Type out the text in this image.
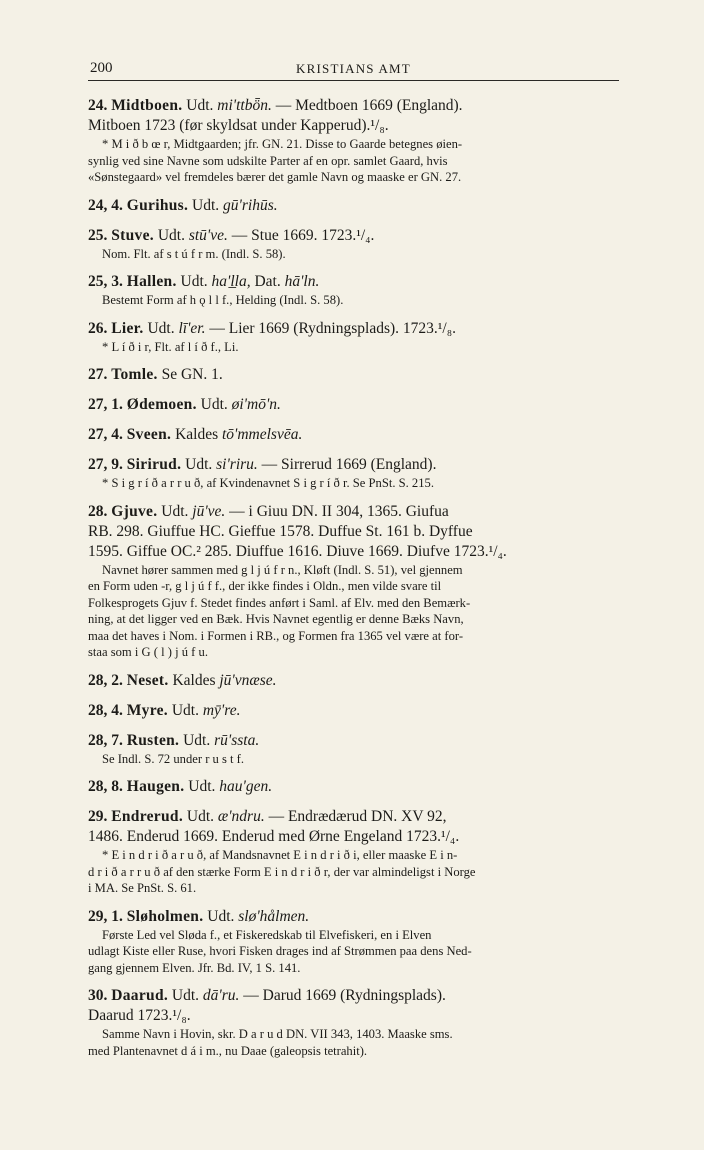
200	KRISTIANS AMT
24. Midtboen. Udt. mi'ttbȫn. — Medtboen 1669 (England).
Mitboen 1723 (før skyldsat under Kapperud).¹/₈.
* M i ð b œ r, Midtgaarden; jfr. GN. 21. Disse to Gaarde betegnes øien-
synlig ved sine Navne som udskilte Parter af en opr. samlet Gaard, hvis
«Sønstegaard» vel fremdeles bærer det gamle Navn og maaske er GN. 27.
24, 4. Gurihus. Udt. gū'rihūs.
25. Stuve. Udt. stū've. — Stue 1669. 1723.¹/₄.
Nom. Flt. af s t ú f r m. (Indl. S. 58).
25, 3. Hallen. Udt. ha'l̲la, Dat. hā'ln.
Bestemt Form af h ǫ l l f., Helding (Indl. S. 58).
26. Lier. Udt. lī'er. — Lier 1669 (Rydningsplads). 1723.¹/₈.
* L í ð i r, Flt. af l í ð f., Li.
27. Tomle. Se GN. 1.
27, 1. Ødemoen. Udt. øi'mō'n.
27, 4. Sveen. Kaldes tō'mmelsvēa.
27, 9. Sirirud. Udt. si'riru. — Sirrerud 1669 (England).
* S i g r í ð a r r u ð, af Kvindenavnet S i g r í ð r. Se PnSt. S. 215.
28. Gjuve. Udt. jū've. — i Giuu DN. II 304, 1365. Giufua
RB. 298. Giuffue HC. Gieffue 1578. Duffue St. 161 b. Dyffue
1595. Giffue OC.² 285. Diuffue 1616. Diuve 1669. Diufve 1723.¹/₄.
Navnet hører sammen med g l j ú f r n., Kløft (Indl. S. 51), vel gjennem
en Form uden -r, g l j ú f f., der ikke findes i Oldn., men vilde svare til
Folkesprogets Gjuv f. Stedet findes anført i Saml. af Elv. med den Bemærk-
ning, at det ligger ved en Bæk. Hvis Navnet egentlig er denne Bæks Navn,
maa det haves i Nom. i Formen i RB., og Formen fra 1365 vel være at for-
staa som i G ( l ) j ú f u.
28, 2. Neset. Kaldes jū'vnæse.
28, 4. Myre. Udt. mȳ're.
28, 7. Rusten. Udt. rū'ssta.
Se Indl. S. 72 under r u s t f.
28, 8. Haugen. Udt. hau'gen.
29. Endrerud. Udt. æ'ndru. — Endrædærud DN. XV 92,
1486. Enderud 1669. Enderud med Ørne Engeland 1723.¹/₄.
* E i n d r i ð a r u ð, af Mandsnavnet E i n d r i ð i, eller maaske E i n-
d r i ð a r r u ð af den stærke Form E i n d r i ð r, der var almindeligst i Norge
i MA. Se PnSt. S. 61.
29, 1. Sløholmen. Udt. slø'hålmen.
Første Led vel Sløda f., et Fiskeredskab til Elvefiskeri, en i Elven
udlagt Kiste eller Ruse, hvori Fisken drages ind af Strømmen paa dens Ned-
gang gjennem Elven. Jfr. Bd. IV, 1 S. 141.
30. Daarud. Udt. dā'ru. — Darud 1669 (Rydningsplads).
Daarud 1723.¹/₈.
Samme Navn i Hovin, skr. D a r u d DN. VII 343, 1403. Maaske sms.
med Plantenavnet d á i m., nu Daae (galeopsis tetrahit).
